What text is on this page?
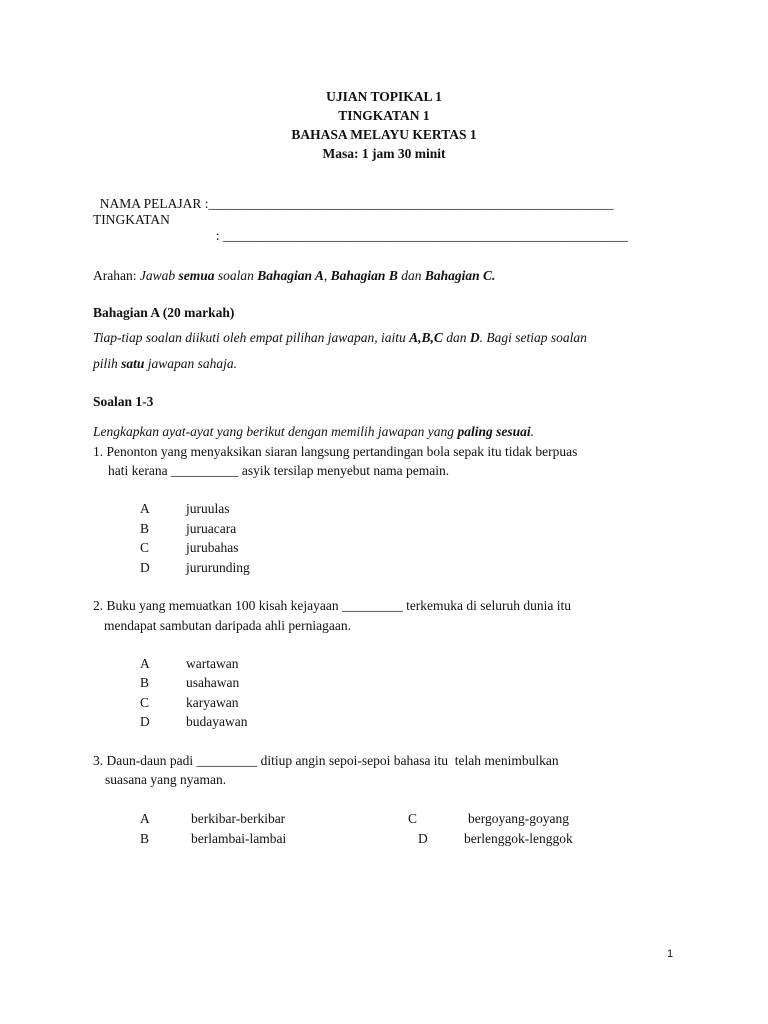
UJIAN TOPIKAL 1
TINGKATAN 1
BAHASA MELAYU KERTAS 1
Masa: 1 jam 30 minit

NAMA PELAJAR :____________________________________________________________

TINGKATAN

: ____________________________________________________________

Arahan: Jawab semua soalan Bahagian A, Bahagian B dan Bahagian C.
Bahagian A (20 markah)
Tiap-tiap soalan diikuti oleh empat pilihan jawapan, iaitu A,B,C dan D. Bagi setiap soalan
pilih satu jawapan sahaja.
Soalan 1-3
Lengkapkan ayat-ayat yang berikut dengan memilih jawapan yang paling sesuai.
1. Penonton yang menyaksikan siaran langsung pertandingan bola sepak itu tidak berpuas
hati kerana __________ asyik tersilap menyebut nama pemain.
A	juruulas
B	juruacara
C	jurubahas
D	jururunding
2. Buku yang memuatkan 100 kisah kejayaan _________ terkemuka di seluruh dunia itu
mendapat sambutan daripada ahli perniagaan.
A	wartawan
B	usahawan
C	karyawan
D	budayawan
3. Daun-daun padi _________ ditiup angin sepoi-sepoi bahasa itu  telah menimbulkan
suasana yang nyaman.
A	berkibar-berkibar
B	berlambai-lambai
C	bergoyang-goyang
D	berlenggok-lenggok
1
